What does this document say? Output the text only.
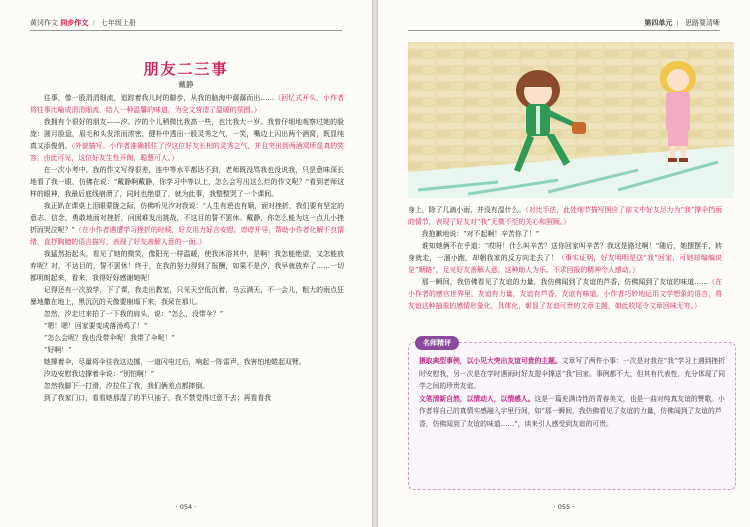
黄冈作文 同步作文 / 七年级上册
朋友二三事
戴静

往事，像一股涓涓细流，追踪着我儿时的脚步，从我的脑海中潺潺而出……（回忆式开头，小作者将往事比喻成涓涓细流，给人一种温馨的味道，为全文营造了温暖的氛围。）

我拥有个很好的朋友——汐。汐的个儿稍微比我高一些，也比我大一岁。我曾仔细地观察过她的脸庞：圆月脸盘，眉毛和头发浓而浓密，健朴中透出一股灵秀之气，一笑，嘴边上闪出两个酒窝，既显纯真又添俊俏。（外貌描写。小作者准确抓住了汐这位好友长相的灵秀之气，并且突出到两酒窝所显真的笑容，由此可见，这位好友生性开朗，聪慧可人。）

在一次小考中，我的作文写得很差，连中等水平都达不到，老师既没骂我也没说我，只是意味深长地看了我一眼，仿佛在说：“戴静啊戴静，你学习中等以上，怎么会写出这么烂的作文呢？”看到老师这样的眼神，我最后底线崩溃了，同时也绝望了，就为此事，我整整哭了一个课间。

我正趴在课桌上泪眼蒙胧之际，仿佛听见汐对我说：“人生有逆也有顺，面对挫折，我们要有坚定的意志、信念，勇敢地面对挫折，问困难发出挑战，不这目的誓不罢休。戴静，你怎么能为这一点儿小挫折而哭泣呢？”（在小作者遇遭学习挫折的时候，好友用力好言安慰，谆谆开导，帮助小作者化解不良情绪，直抒胸臆的语言描写，表现了好友善解人意的一面。）

我猛然抬起头，看见了她的微笑，像阳光一样温暖，使我沐浴其中，是啊！我怎能绝望，又怎能放弃呢？对，不达目的，誓不罢休！终于，在我的努力得到了报酬，如果不是汐，我早就放弃了……一切都明朗起来，看来，我得好好感谢她呢！

记得还有一次放学，下了课，我走出教室，只见天空低沉着，乌云满天，不一会儿，粗大的雨点狂暴地撒在地上，黑沉沉的天像要崩塌下来，我呆在那儿。

忽然，汐走过来拍了一下我的肩头，说：“怎么，没带伞？”

“嗯！嗯！回家要变成落汤鸡了！”

“怎么会呢？我也没带伞呢！我带了伞呢！”

“好啊！”

她撑着伞，尽量将伞往我这边挪，一道闪电过后，响起一阵雷声，我害怕地蜷起双臂。

汐边安慰我边撑着伞说：“别怕啊！”

忽然我脚下一打滑，汐拉住了我，我们俩差点都摔倒。

到了我家门口，看看她那湿了的半只袖子，我不禁觉得过意不去；再看看我

· 054 ·
第四单元 | 思路要清晰

身上，除了几滴小雨，并没有湿什么。（对比手法，此处细节描写照应了前文中好友尽力为“我”撑伞挡雨的情节，表现了好友对“我”无微不至的关心和照顾。）

我抱歉地说：“对不起啊！辛苦你了！”

谁知她俩不在乎道：“哎呀！什么叫辛苦？送你回家叫辛苦？我这是路过啊！”随后，她摆摆手，转身就走，一溜小跑，却朝我家的反方向走去了！（事实证明，好友明明是送“我”回家，可她却编编说是“顺路”，足见好友善解人意，这种助人为乐、不求回报的精神令人感动。）

那一瞬间，我仿佛看见了友谊的力量，我仿佛闻到了友谊的芦香，仿佛闻到了友谊的味道……（在小作者的感官世界里，友谊有力量，友谊有芦香，友谊有味道。小作者巧妙地运用文学想象的语言，将友谊这种抽象的感情形象化、具体化，彰显了友谊可贵的文章主题，如此收尾令文章回味无穷。）

名师精评
摄取典型事例，以小见大突出友谊可贵的主题。文章写了两件小事：一次是对我在“我”学习上遇到挫折时安慰我，另一次是在学时遇雨时好友提伞撑送“我”回家。事例都不大，但其有代表性，充分体现了同学之间的珍贵友谊。
文笔清新自然，以情动人，以情感人。这是一篇充满诗性的青春美文，也是一曲对纯真友谊的赞歌。小作者将自己的真情实感融入字里行间，如“那一瞬间，我仿佛看见了友谊的力量，仿佛闻到了友谊的芦香，仿佛闻到了友谊的味道……”，读来引人感受到友谊的可贵。
· 055 ·
